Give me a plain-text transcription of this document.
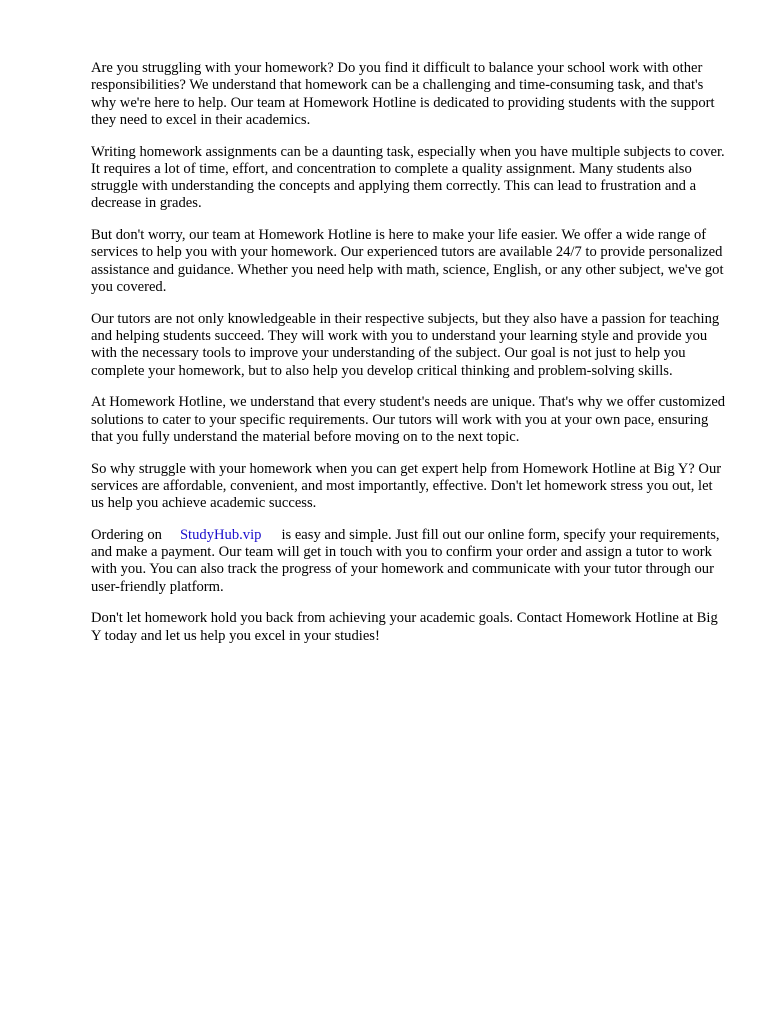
Are you struggling with your homework? Do you find it difficult to balance your school work with other responsibilities? We understand that homework can be a challenging and time-consuming task, and that's why we're here to help. Our team at Homework Hotline is dedicated to providing students with the support they need to excel in their academics.

Writing homework assignments can be a daunting task, especially when you have multiple subjects to cover. It requires a lot of time, effort, and concentration to complete a quality assignment. Many students also struggle with understanding the concepts and applying them correctly. This can lead to frustration and a decrease in grades.

But don't worry, our team at Homework Hotline is here to make your life easier. We offer a wide range of services to help you with your homework. Our experienced tutors are available 24/7 to provide personalized assistance and guidance. Whether you need help with math, science, English, or any other subject, we've got you covered.

Our tutors are not only knowledgeable in their respective subjects, but they also have a passion for teaching and helping students succeed. They will work with you to understand your learning style and provide you with the necessary tools to improve your understanding of the subject. Our goal is not just to help you complete your homework, but to also help you develop critical thinking and problem-solving skills.

At Homework Hotline, we understand that every student's needs are unique. That's why we offer customized solutions to cater to your specific requirements. Our tutors will work with you at your own pace, ensuring that you fully understand the material before moving on to the next topic.

So why struggle with your homework when you can get expert help from Homework Hotline at Big Y? Our services are affordable, convenient, and most importantly, effective. Don't let homework stress you out, let us help you achieve academic success.

Ordering on StudyHub.vip is easy and simple. Just fill out our online form, specify your requirements, and make a payment. Our team will get in touch with you to confirm your order and assign a tutor to work with you. You can also track the progress of your homework and communicate with your tutor through our user-friendly platform.

Don't let homework hold you back from achieving your academic goals. Contact Homework Hotline at Big Y today and let us help you excel in your studies!
